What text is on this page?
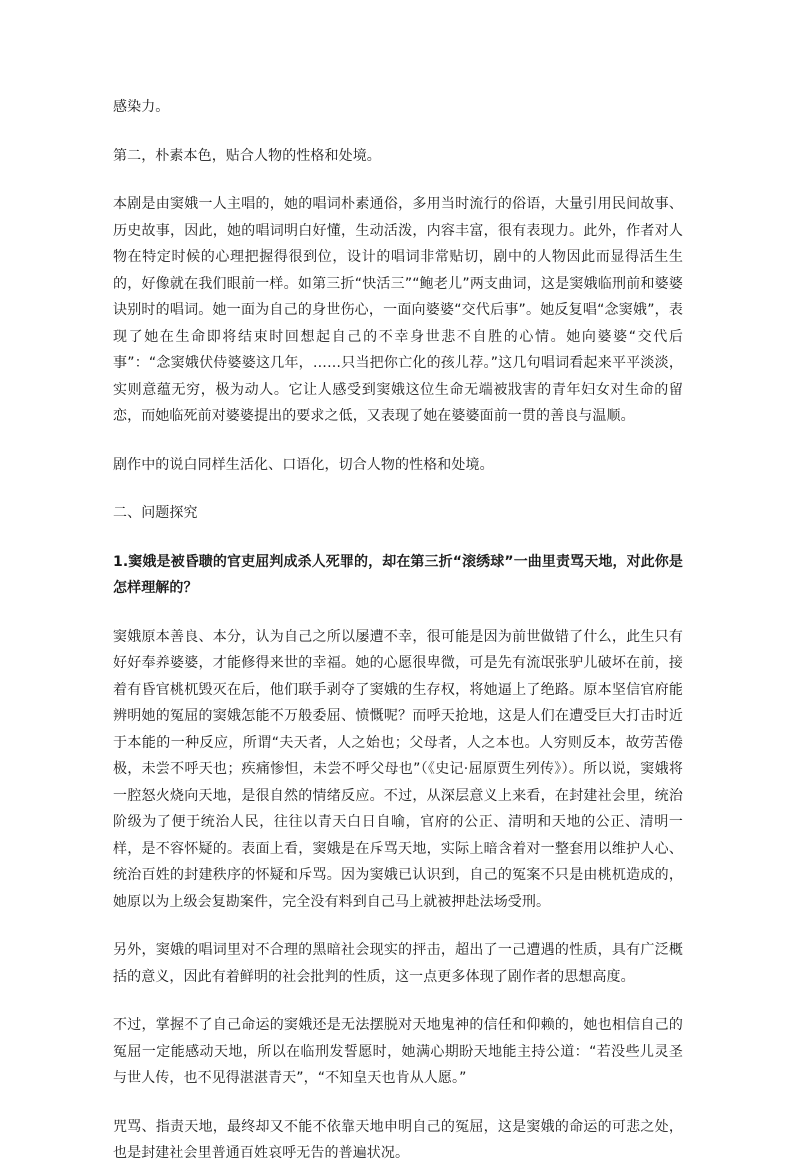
感染力。

第二，朴素本色，贴合人物的性格和处境。

本剧是由窦娥一人主唱的，她的唱词朴素通俗，多用当时流行的俗语，大量引用民间故事、历史故事，因此，她的唱词明白好懂，生动活泼，内容丰富，很有表现力。此外，作者对人物在特定时候的心理把握得很到位，设计的唱词非常贴切，剧中的人物因此而显得活生生的，好像就在我们眼前一样。如第三折“快活三”“鲍老儿”两支曲词，这是窦娥临刑前和婆婆诀别时的唱词。她一面为自己的身世伤心，一面向婆婆“交代后事”。她反复唱“念窦娥”，表现了她在生命即将结束时回想起自己的不幸身世悲不自胜的心情。她向婆婆“交代后事”：“念窦娥伏侍婆婆这几年，……只当把你亡化的孩儿荐。”这几句唱词看起来平平淡淡，实则意蕴无穷，极为动人。它让人感受到窦娥这位生命无端被戕害的青年妇女对生命的留恋，而她临死前对婆婆提出的要求之低，又表现了她在婆婆面前一贯的善良与温顺。

剧作中的说白同样生活化、口语化，切合人物的性格和处境。

二、问题探究

1.窦娥是被昏聩的官吏屈判成杀人死罪的，却在第三折“滚绣球”一曲里责骂天地，对此你是怎样理解的？

窦娥原本善良、本分，认为自己之所以屡遭不幸，很可能是因为前世做错了什么，此生只有好好奉养婆婆，才能修得来世的幸福。她的心愿很卑微，可是先有流氓张驴儿破坏在前，接着有昏官桃杌毁灭在后，他们联手剥夺了窦娥的生存权，将她逼上了绝路。原本坚信官府能辨明她的冤屈的窦娥怎能不万般委屈、愤慨呢？而呼天抢地，这是人们在遭受巨大打击时近于本能的一种反应，所谓“夫天者，人之始也；父母者，人之本也。人穷则反本，故劳苦倦极，未尝不呼天也；疾痛惨怛，未尝不呼父母也”（《史记·屈原贾生列传》）。所以说，窦娥将一腔怒火烧向天地，是很自然的情绪反应。不过，从深层意义上来看，在封建社会里，统治阶级为了便于统治人民，往往以青天白日自喻，官府的公正、清明和天地的公正、清明一样，是不容怀疑的。表面上看，窦娥是在斥骂天地，实际上暗含着对一整套用以维护人心、统治百姓的封建秩序的怀疑和斥骂。因为窦娥已认识到，自己的冤案不只是由桃杌造成的，她原以为上级会复勘案件，完全没有料到自己马上就被押赴法场受刑。

另外，窦娥的唱词里对不合理的黑暗社会现实的抨击，超出了一己遭遇的性质，具有广泛概括的意义，因此有着鲜明的社会批判的性质，这一点更多体现了剧作者的思想高度。

不过，掌握不了自己命运的窦娥还是无法摆脱对天地鬼神的信任和仰赖的，她也相信自己的冤屈一定能感动天地，所以在临刑发誓愿时，她满心期盼天地能主持公道：“若没些儿灵圣与世人传，也不见得湛湛青天”，“不知皇天也肯从人愿。”

咒骂、指责天地，最终却又不能不依靠天地申明自己的冤屈，这是窦娥的命运的可悲之处，也是封建社会里普通百姓哀呼无告的普遍状况。
